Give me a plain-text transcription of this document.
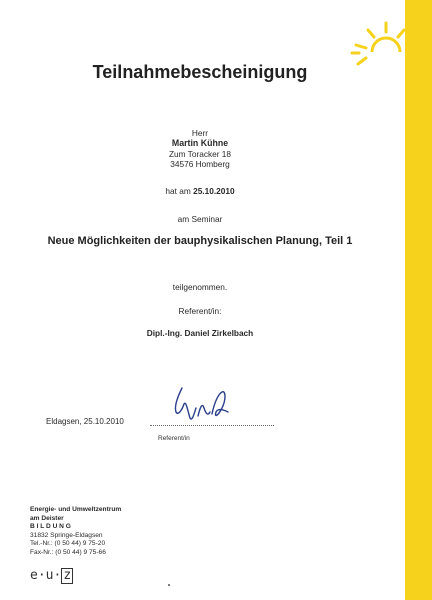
Teilnahmebescheinigung
Herr
Martin Kühne
Zum Toracker 18
34576 Homberg
hat am 25.10.2010
am Seminar
Neue Möglichkeiten der bauphysikalischen Planung, Teil 1
teilgenommen.
Referent/in:
Dipl.-Ing. Daniel Zirkelbach
Eldagsen, 25.10.2010
Referent/in
Energie- und Umweltzentrum
am Deister
B I L D U N G
31832 Springe-Eldagsen
Tel.-Nr.: (0 50 44) 9 75-20
Fax-Nr.: (0 50 44) 9 75-66
e·u· z
